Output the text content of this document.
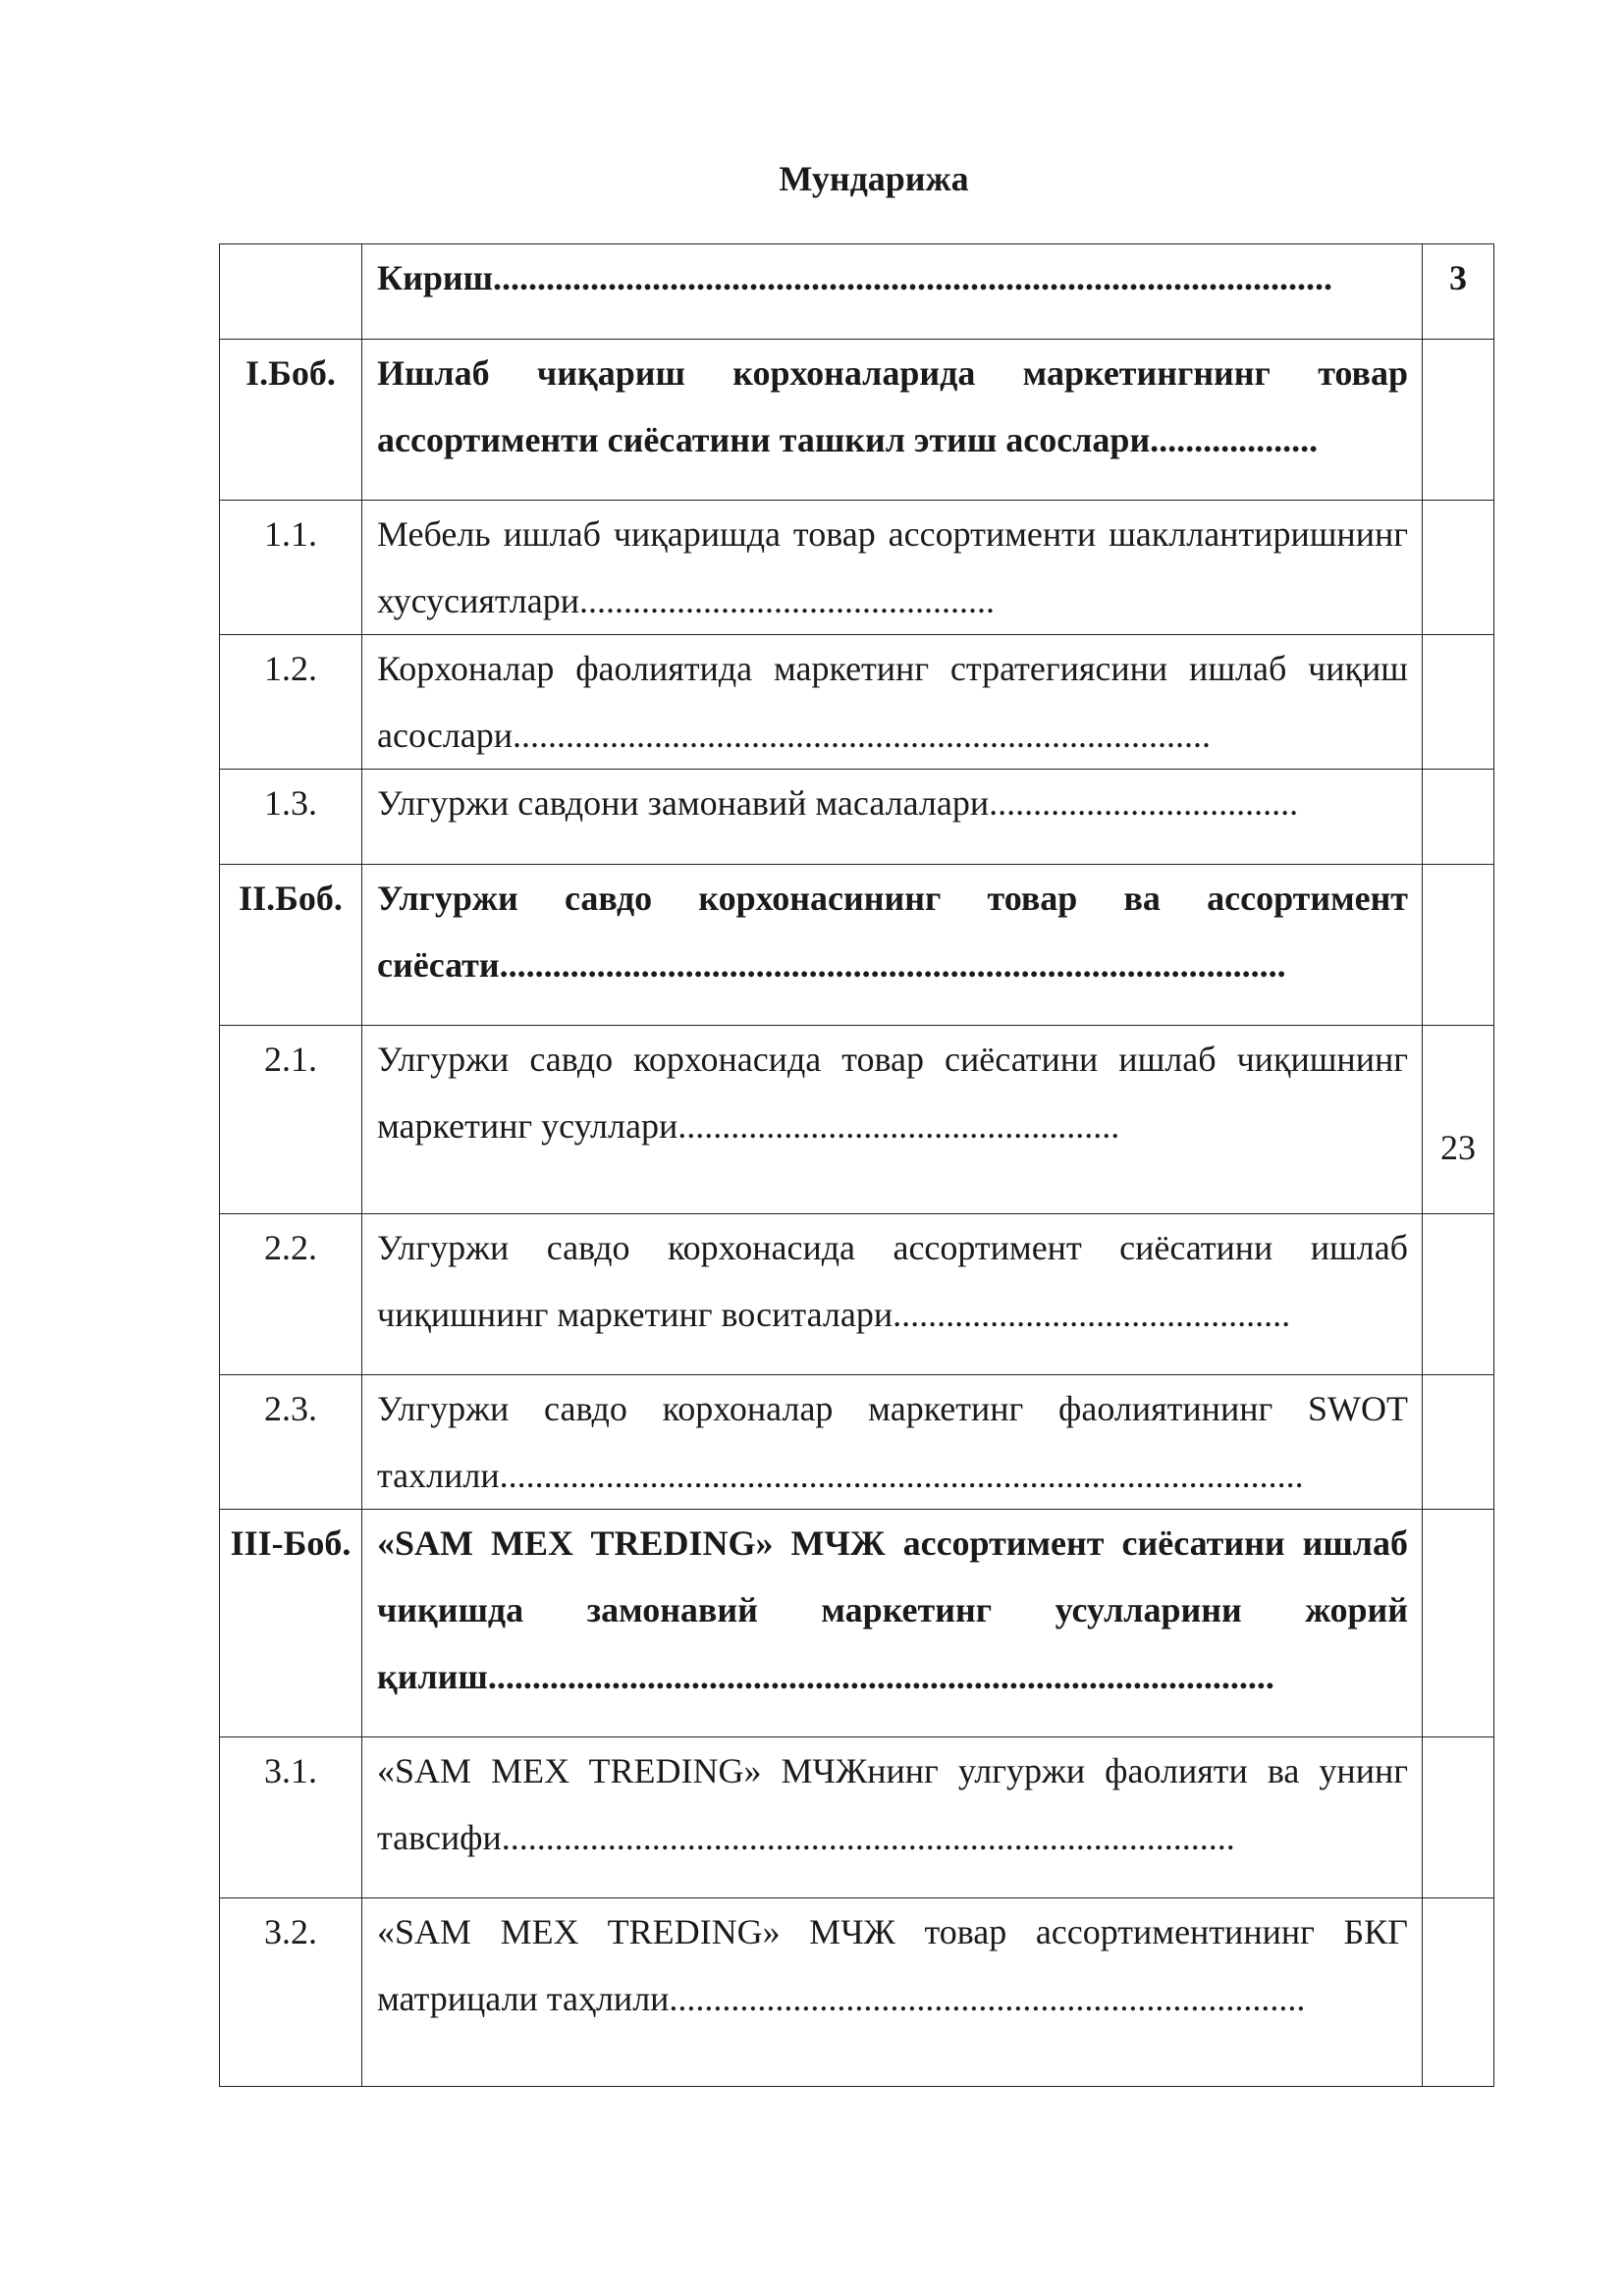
Мундарижа

	Кириш...............................................................................................	3
I.Боб.	Ишлаб чиқариш корхоналарида маркетингнинг товар ассортименти сиёсатини ташкил этиш асослари...................	
1.1.	Мебель ишлаб чиқаришда товар ассортименти шакллантиришнинг хусусиятлари...............................................	
1.2.	Корхоналар фаолиятида маркетинг стратегиясини ишлаб чиқиш асослари...............................................................................	
1.3.	Улгуржи савдони замонавий масалалари...................................	

II.Боб.	Улгуржи савдо корхонасининг товар ва ассортимент сиёсати.........................................................................................	
2.1.	Улгуржи савдо корхонасида товар сиёсатини ишлаб чиқишнинг маркетинг усуллари..................................................	23

2.2.	Улгуржи савдо корхонасида ассортимент сиёсатини ишлаб чиқишнинг маркетинг воситалари.............................................	
2.3.	Улгуржи савдо корхоналар маркетинг фаолиятининг SWOT тахлили...........................................................................................	
III-Боб.	«SAM MEX TREDING» МЧЖ ассортимент сиёсатини ишлаб чиқишда замонавий маркетинг усулларини жорий қилиш.........................................................................................	
3.1.	«SAM MEX TREDING» МЧЖнинг улгуржи фаолияти ва унинг тавсифи...................................................................................	
3.2.	«SAM MEX TREDING» МЧЖ товар ассортиментининг БКГ матрицали таҳлили........................................................................	
